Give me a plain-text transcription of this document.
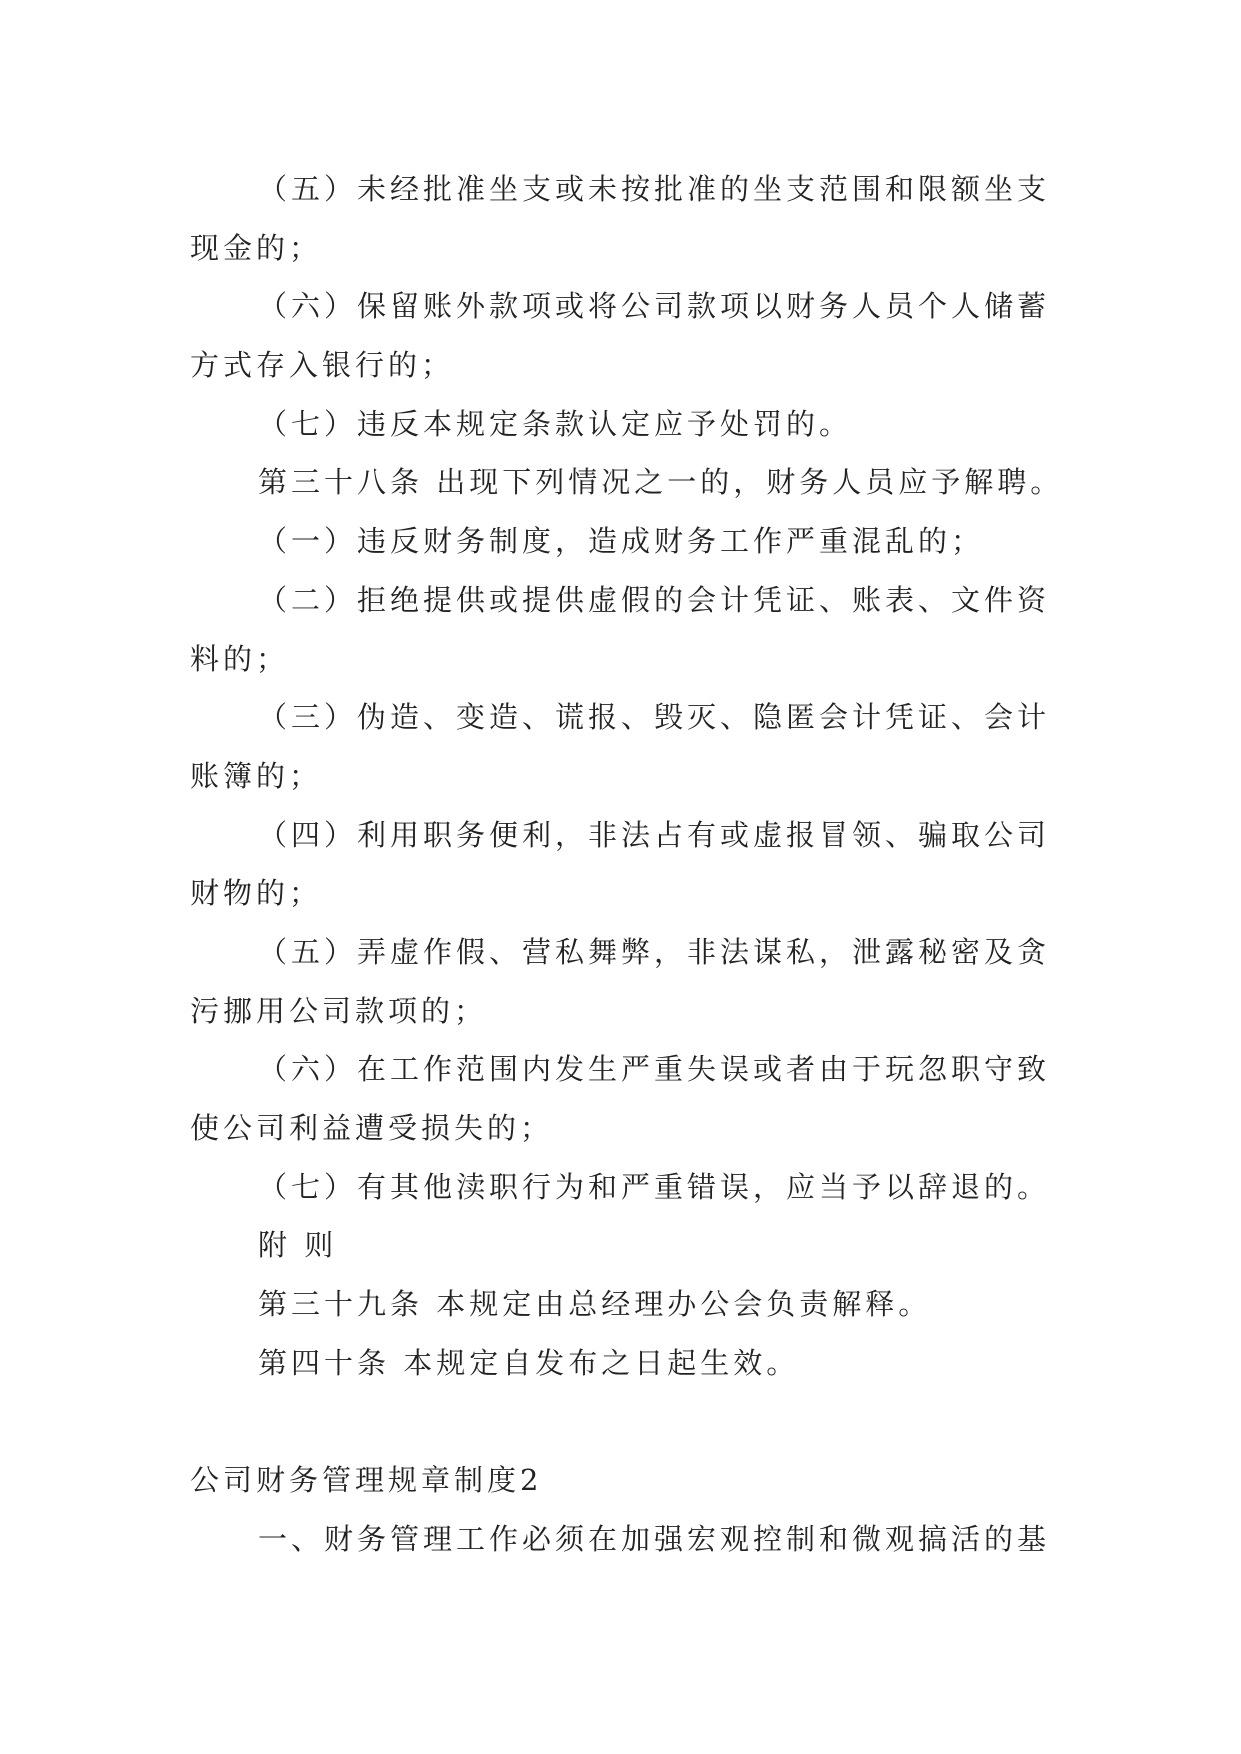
（五）未经批准坐支或未按批准的坐支范围和限额坐支
现金的；
（六）保留账外款项或将公司款项以财务人员个人储蓄
方式存入银行的；
（七）违反本规定条款认定应予处罚的。
第三十八条 出现下列情况之一的，财务人员应予解聘。
（一）违反财务制度，造成财务工作严重混乱的；
（二）拒绝提供或提供虚假的会计凭证、账表、文件资
料的；
（三）伪造、变造、谎报、毁灭、隐匿会计凭证、会计
账簿的；
（四）利用职务便利，非法占有或虚报冒领、骗取公司
财物的；
（五）弄虚作假、营私舞弊，非法谋私，泄露秘密及贪
污挪用公司款项的；
（六）在工作范围内发生严重失误或者由于玩忽职守致
使公司利益遭受损失的；
（七）有其他渎职行为和严重错误，应当予以辞退的。
附 则
第三十九条 本规定由总经理办公会负责解释。
第四十条 本规定自发布之日起生效。
公司财务管理规章制度2
一、财务管理工作必须在加强宏观控制和微观搞活的基
